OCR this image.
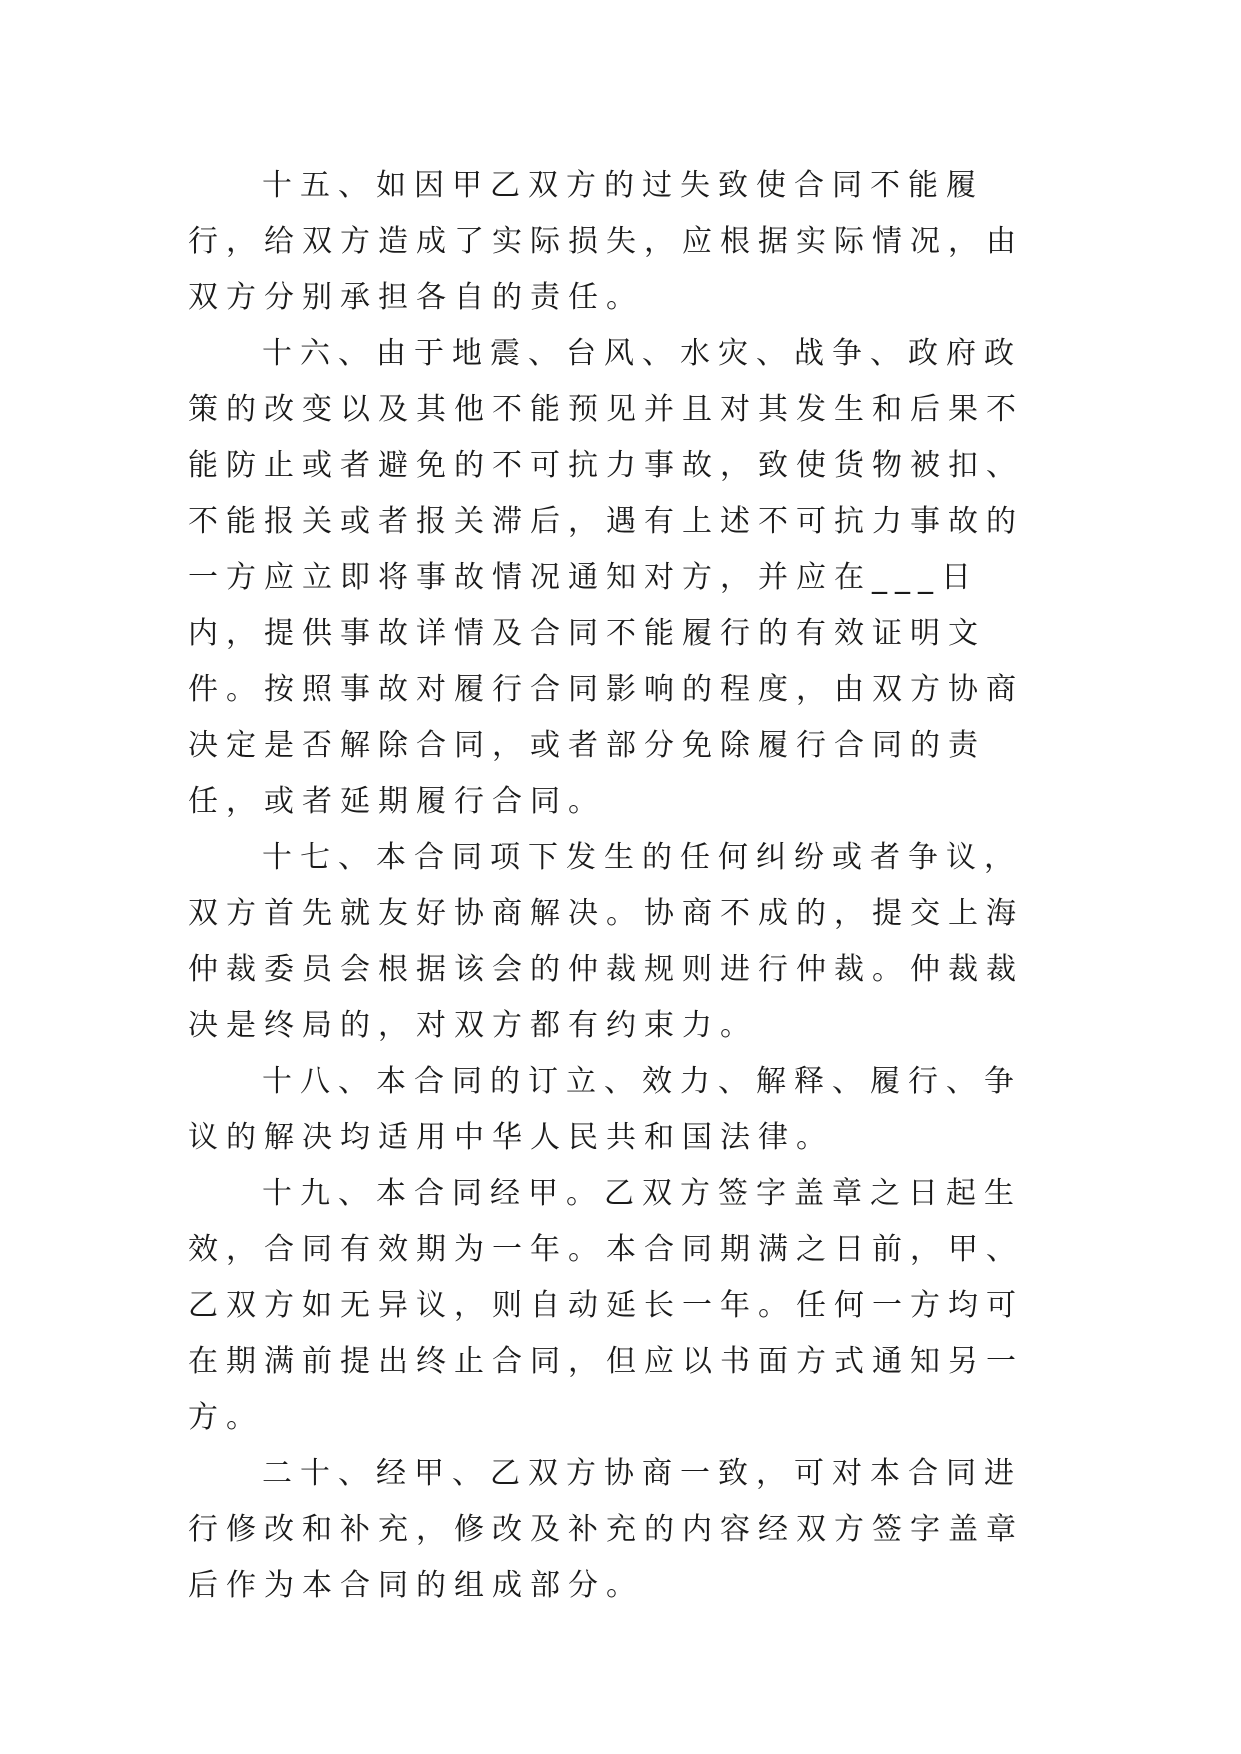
十五、如因甲乙双方的过失致使合同不能履行，给双方造成了实际损失，应根据实际情况，由双方分别承担各自的责任。

十六、由于地震、台风、水灾、战争、政府政策的改变以及其他不能预见并且对其发生和后果不能防止或者避免的不可抗力事故，致使货物被扣、不能报关或者报关滞后，遇有上述不可抗力事故的一方应立即将事故情况通知对方，并应在___日内，提供事故详情及合同不能履行的有效证明文件。按照事故对履行合同影响的程度，由双方协商决定是否解除合同，或者部分免除履行合同的责任，或者延期履行合同。

十七、本合同项下发生的任何纠纷或者争议，双方首先就友好协商解决。协商不成的，提交上海仲裁委员会根据该会的仲裁规则进行仲裁。仲裁裁决是终局的，对双方都有约束力。

十八、本合同的订立、效力、解释、履行、争议的解决均适用中华人民共和国法律。

十九、本合同经甲。乙双方签字盖章之日起生效，合同有效期为一年。本合同期满之日前，甲、乙双方如无异议，则自动延长一年。任何一方均可在期满前提出终止合同，但应以书面方式通知另一方。

二十、经甲、乙双方协商一致，可对本合同进行修改和补充，修改及补充的内容经双方签字盖章后作为本合同的组成部分。
